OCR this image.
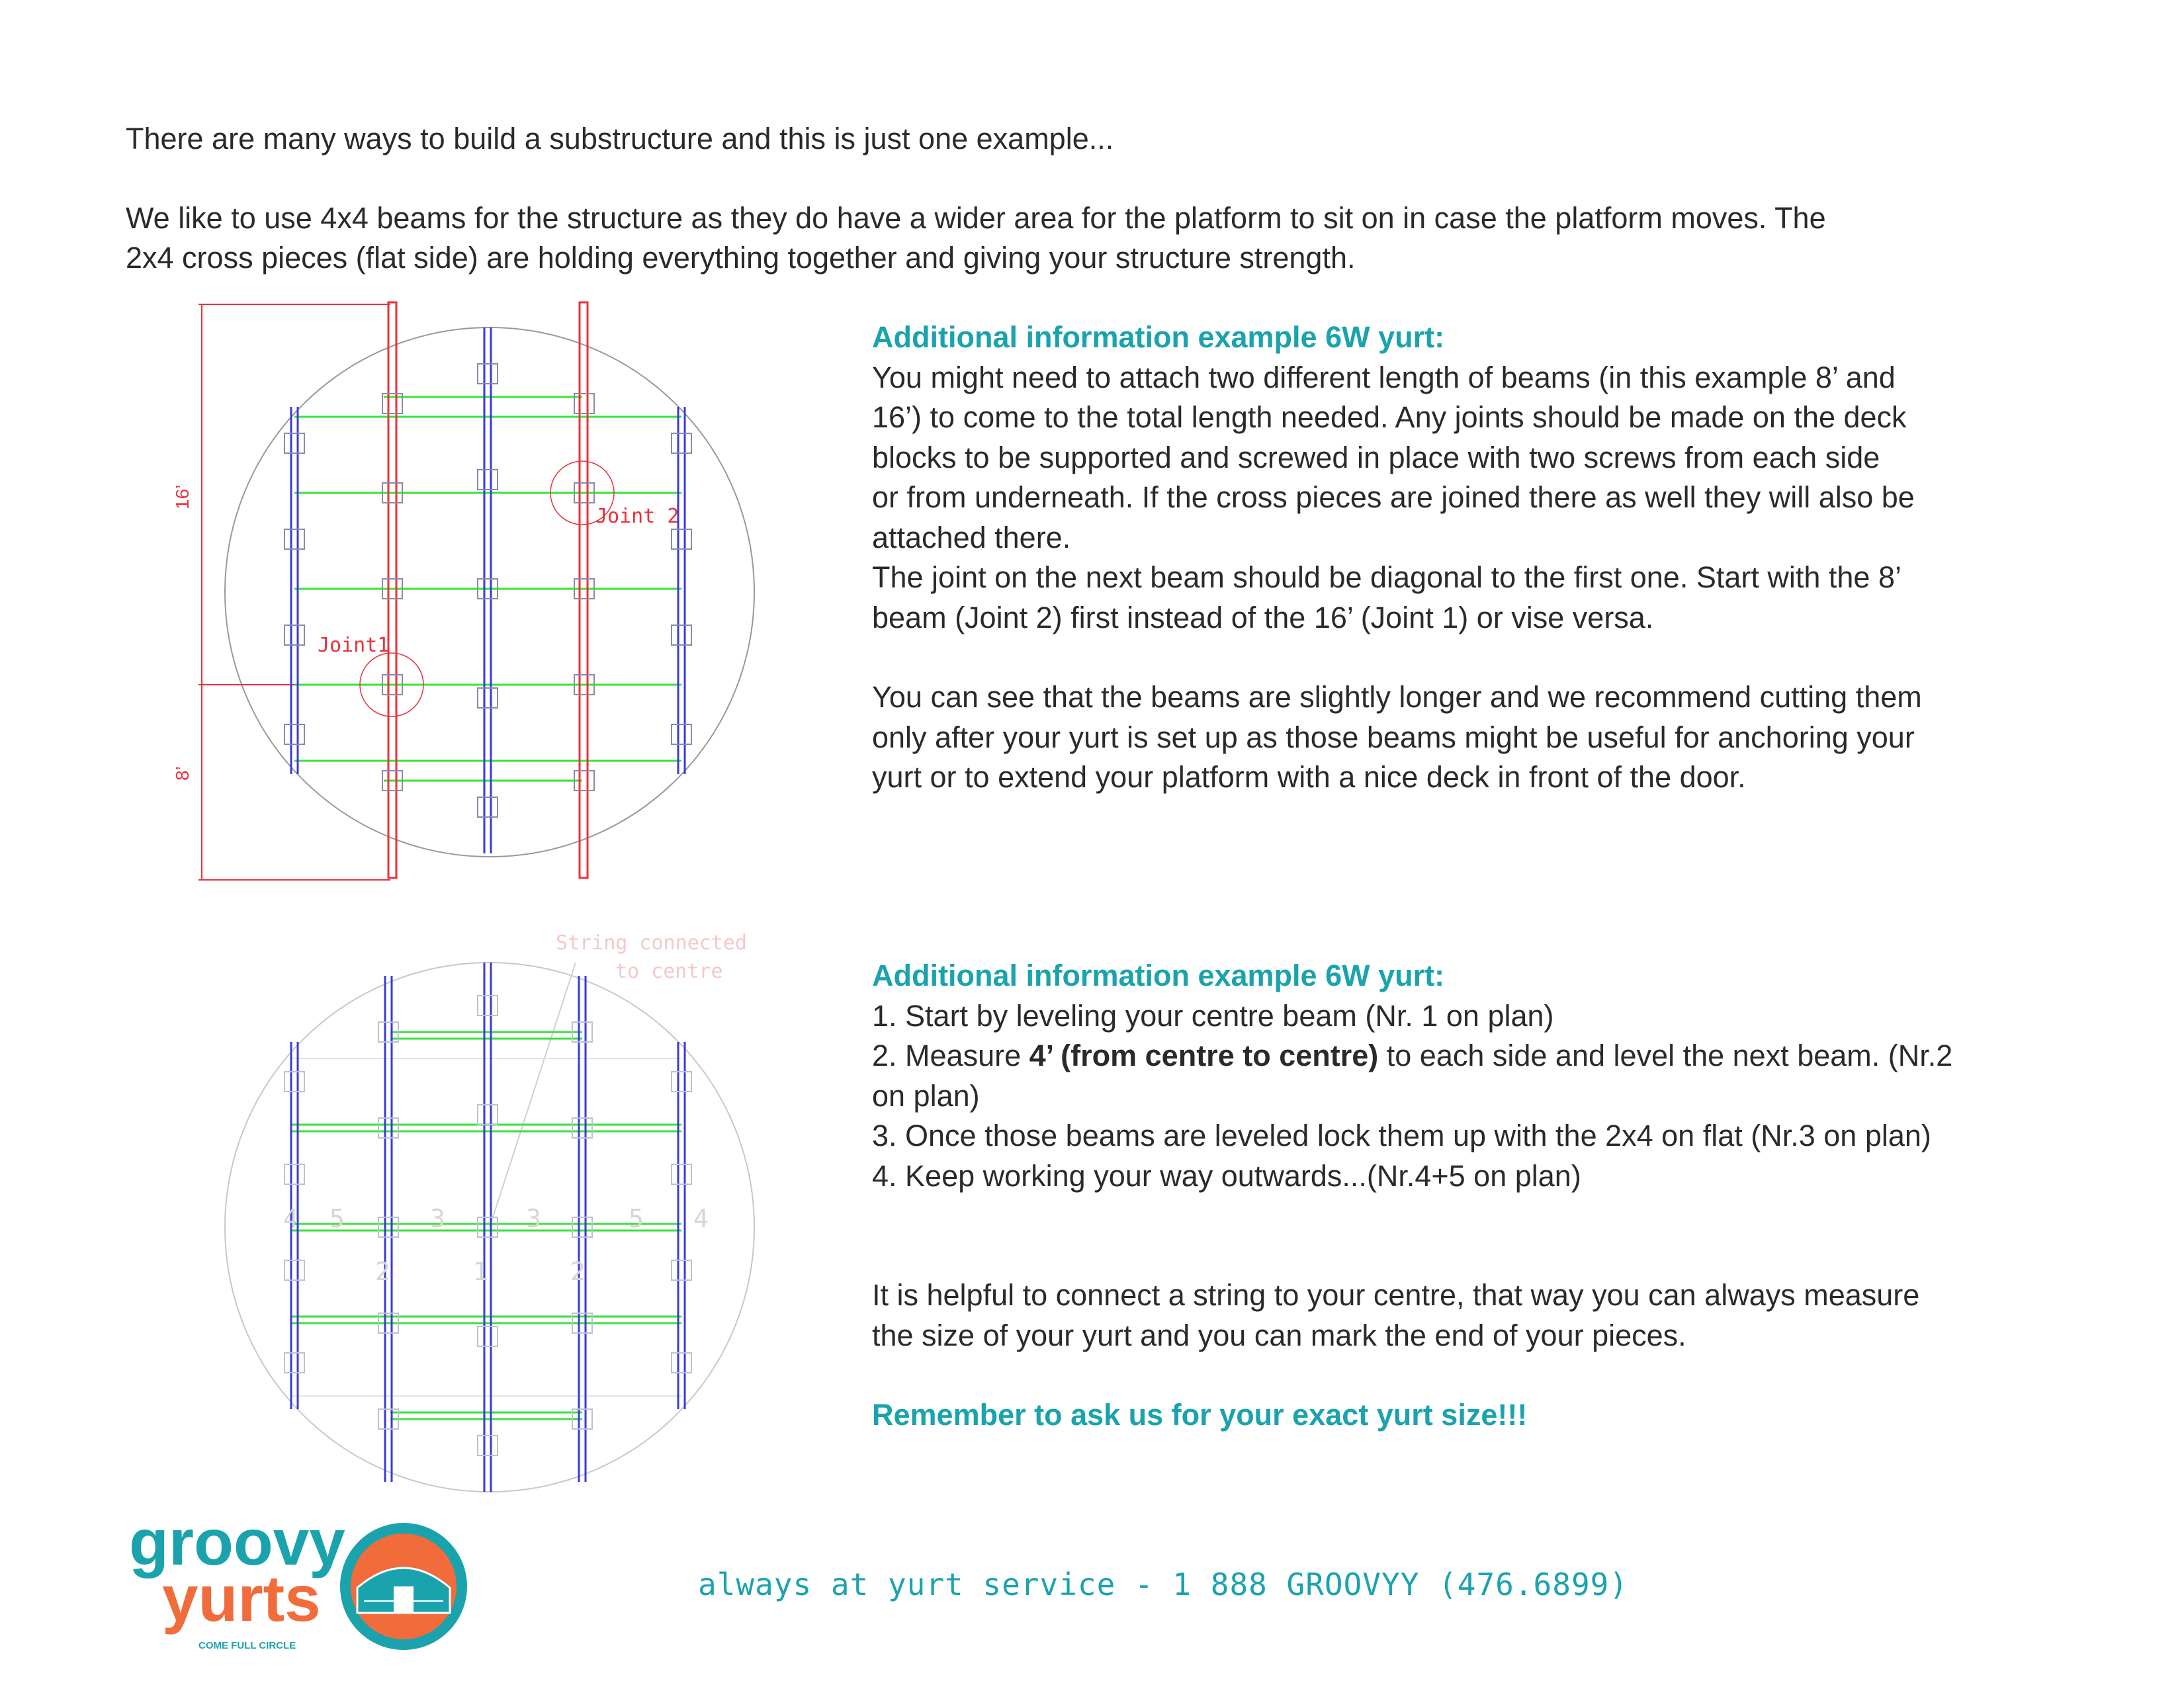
There are many ways to build a substructure and this is just one example...
We like to use 4x4 beams for the structure as they do have a wider area for the platform to sit on in case the platform moves. The
2x4 cross pieces (flat side) are holding everything together and giving your structure strength.
16’
8’
Joint1
Joint 2

Additional information example 6W yurt:

You might need to attach two different length of beams (in this example 8’ and

16’) to come to the total length needed. Any joints should be made on the deck

blocks to be supported and screwed in place with two screws from each side

or from underneath. If the cross pieces are joined there as well they will also be

attached there.

The joint on the next beam should be diagonal to the first one. Start with the 8’

beam (Joint 2) first instead of the 16’ (Joint 1) or vise versa.

You can see that the beams are slightly longer and we recommend cutting them

only after your yurt is set up as those beams might be useful for anchoring your

yurt or to extend your platform with a nice deck in front of the door.

String connected
to centre
4 5	3	3	5 4
2	1	2

Additional information example 6W yurt:

1. Start by leveling your centre beam (Nr. 1 on plan)

2. Measure 4’ (from centre to centre) to each side and level the next beam. (Nr.2

on plan)

3. Once those beams are leveled lock them up with the 2x4 on flat (Nr.3 on plan)

4. Keep working your way outwards...(Nr.4+5 on plan)

It is helpful to connect a string to your centre, that way you can always measure

the size of your yurt and you can mark the end of your pieces.

Remember to ask us for your exact yurt size!!!

groovy
yurts
COME FULL CIRCLE
always at yurt service - 1 888 GROOVYY (476.6899)
